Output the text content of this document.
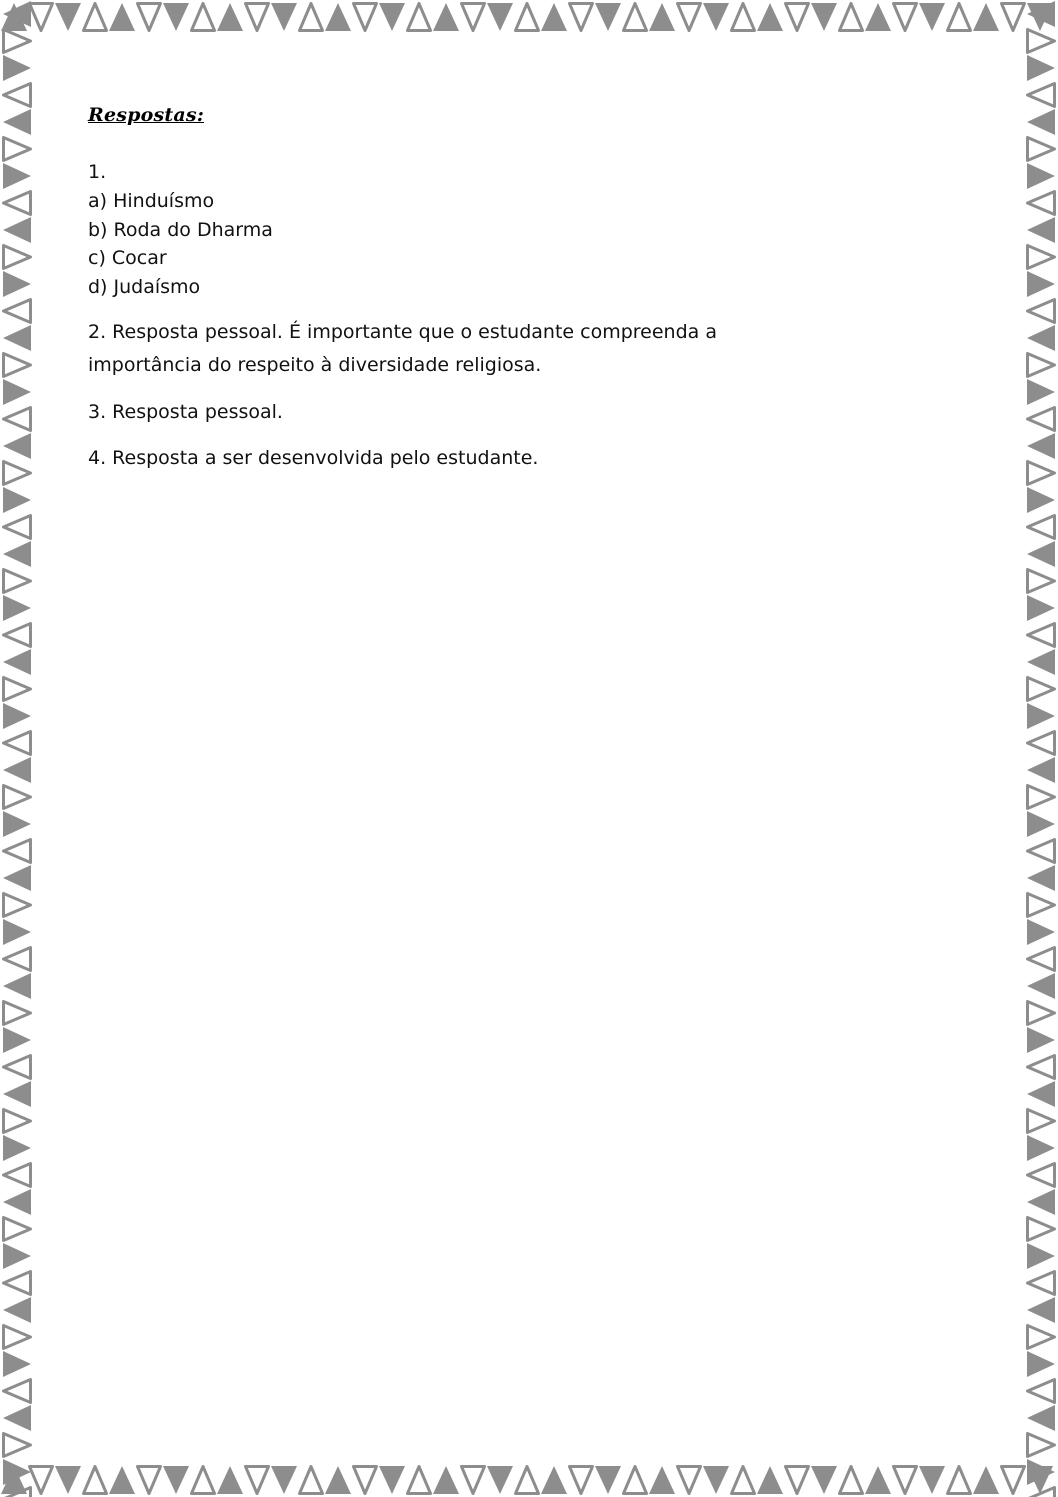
Respostas:
1.
a) Hinduísmo
b) Roda do Dharma
c) Cocar
d) Judaísmo

2. Resposta pessoal. É importante que o estudante compreenda a importância do respeito à diversidade religiosa.

3. Resposta pessoal.

4. Resposta a ser desenvolvida pelo estudante.
